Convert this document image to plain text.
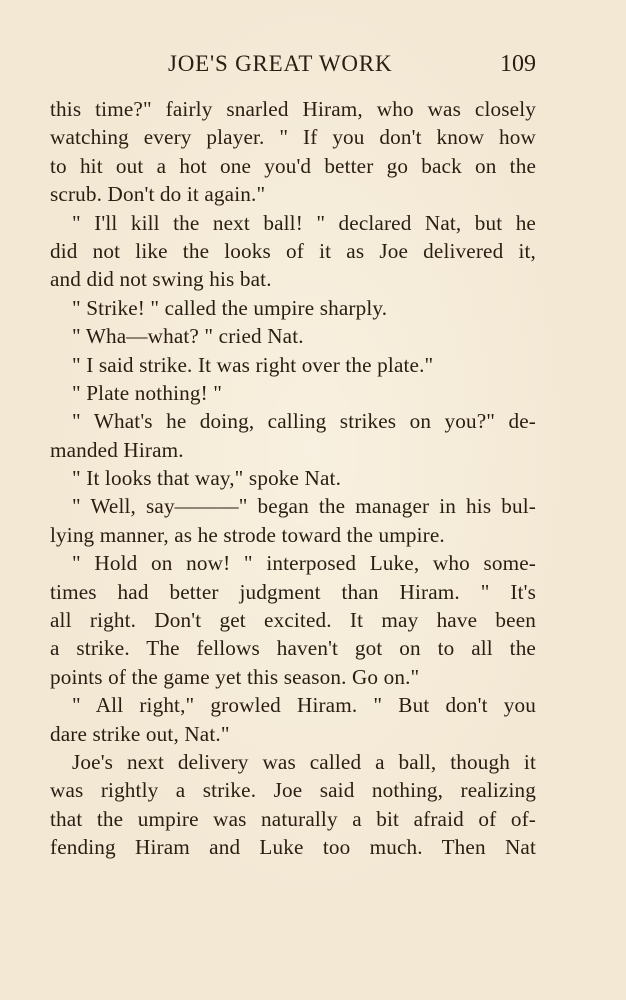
JOE'S GREAT WORK	109
this time?" fairly snarled Hiram, who was closely
watching every player. " If you don't know how
to hit out a hot one you'd better go back on the
scrub. Don't do it again."
" I'll kill the next ball! " declared Nat, but he
did not like the looks of it as Joe delivered it,
and did not swing his bat.
" Strike! " called the umpire sharply.
" Wha—what? " cried Nat.
" I said strike. It was right over the plate."
" Plate nothing! "
" What's he doing, calling strikes on you?" de-
manded Hiram.
" It looks that way," spoke Nat.
" Well, say———" began the manager in his bul-
lying manner, as he strode toward the umpire.
" Hold on now! " interposed Luke, who some-
times had better judgment than Hiram. " It's
all right. Don't get excited. It may have been
a strike. The fellows haven't got on to all the
points of the game yet this season. Go on."
" All right," growled Hiram. " But don't you
dare strike out, Nat."
Joe's next delivery was called a ball, though it
was rightly a strike. Joe said nothing, realizing
that the umpire was naturally a bit afraid of of-
fending Hiram and Luke too much. Then Nat
